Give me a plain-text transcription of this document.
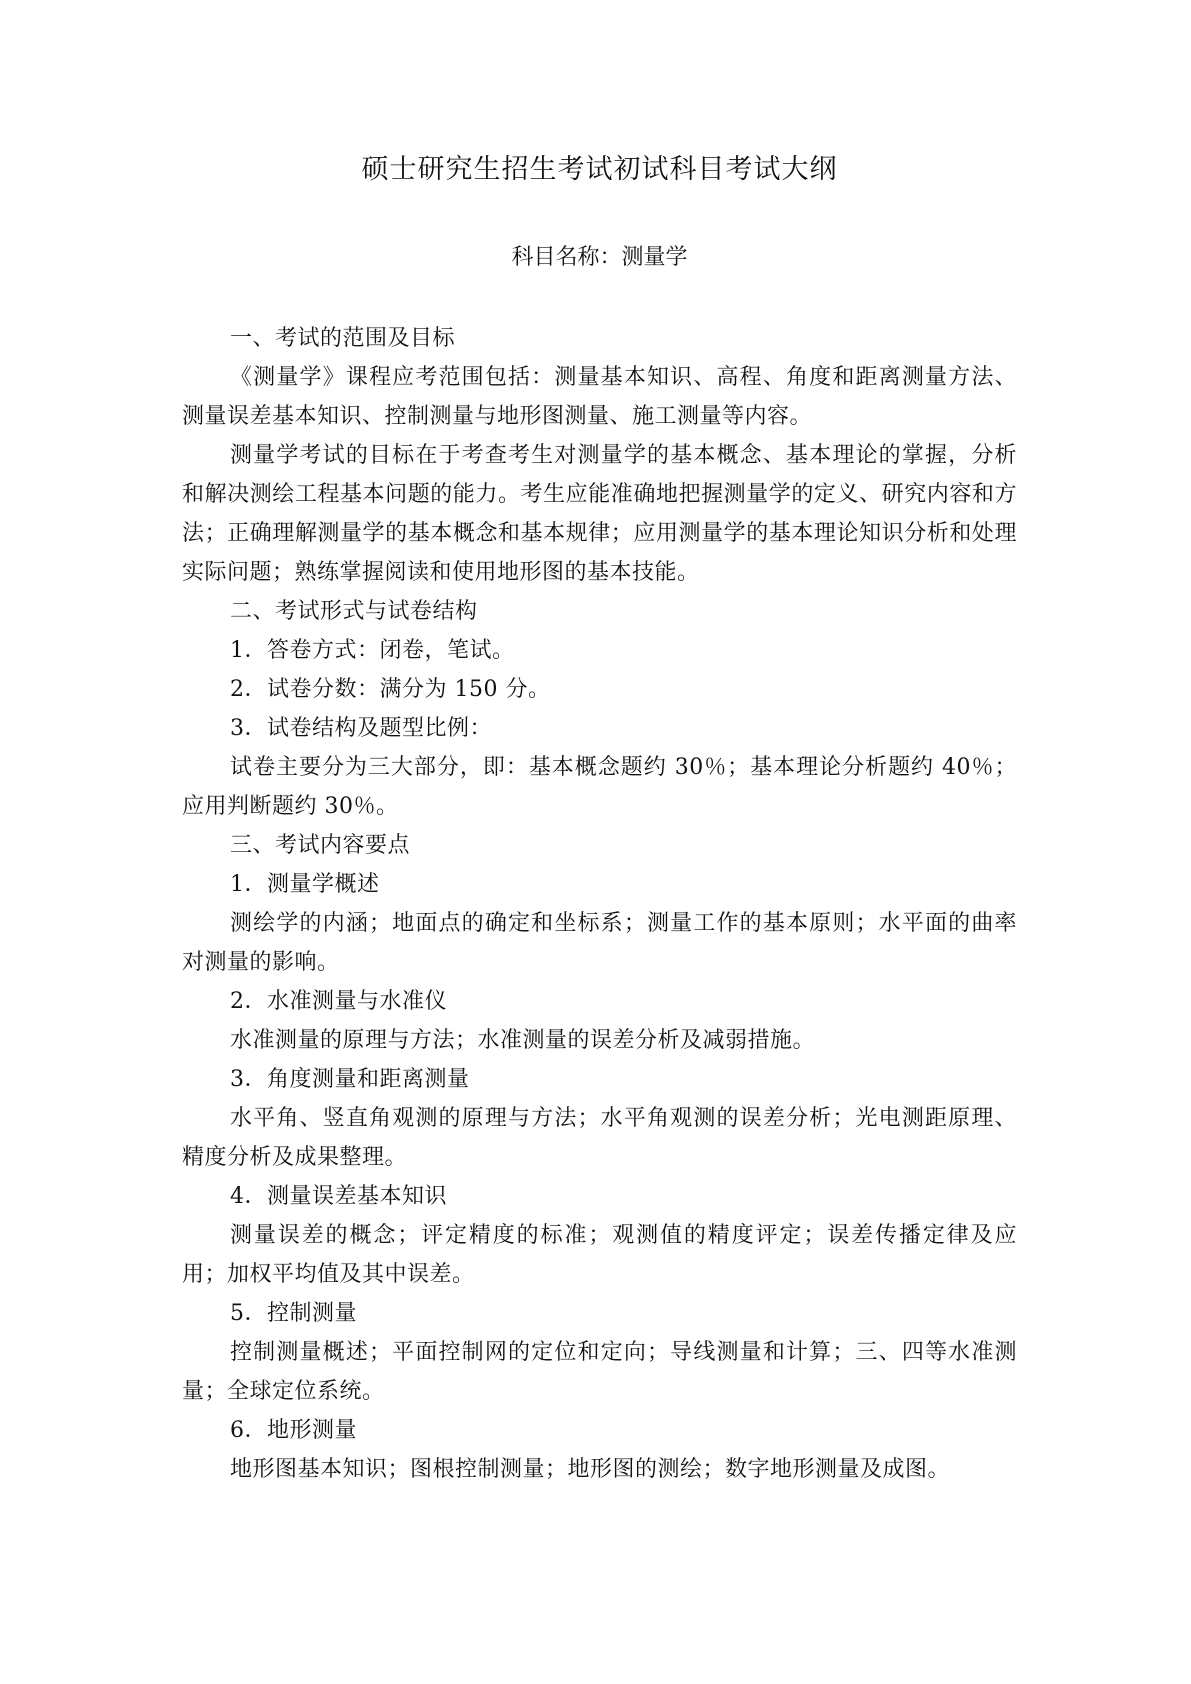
硕士研究生招生考试初试科目考试大纲

科目名称：测量学

一、考试的范围及目标

《测量学》课程应考范围包括：测量基本知识、高程、角度和距离测量方法、测量误差基本知识、控制测量与地形图测量、施工测量等内容。

测量学考试的目标在于考查考生对测量学的基本概念、基本理论的掌握，分析和解决测绘工程基本问题的能力。考生应能准确地把握测量学的定义、研究内容和方法；正确理解测量学的基本概念和基本规律；应用测量学的基本理论知识分析和处理实际问题；熟练掌握阅读和使用地形图的基本技能。

二、考试形式与试卷结构

1．答卷方式：闭卷，笔试。

2．试卷分数：满分为 150 分。

3．试卷结构及题型比例：

试卷主要分为三大部分，即：基本概念题约 30％；基本理论分析题约 40％；应用判断题约 30％。

三、考试内容要点

1．测量学概述

测绘学的内涵；地面点的确定和坐标系；测量工作的基本原则；水平面的曲率对测量的影响。

2．水准测量与水准仪

水准测量的原理与方法；水准测量的误差分析及减弱措施。

3．角度测量和距离测量

水平角、竖直角观测的原理与方法；水平角观测的误差分析；光电测距原理、精度分析及成果整理。

4．测量误差基本知识

测量误差的概念；评定精度的标准；观测值的精度评定；误差传播定律及应用；加权平均值及其中误差。

5．控制测量

控制测量概述；平面控制网的定位和定向；导线测量和计算；三、四等水准测量；全球定位系统。

6．地形测量

地形图基本知识；图根控制测量；地形图的测绘；数字地形测量及成图。
